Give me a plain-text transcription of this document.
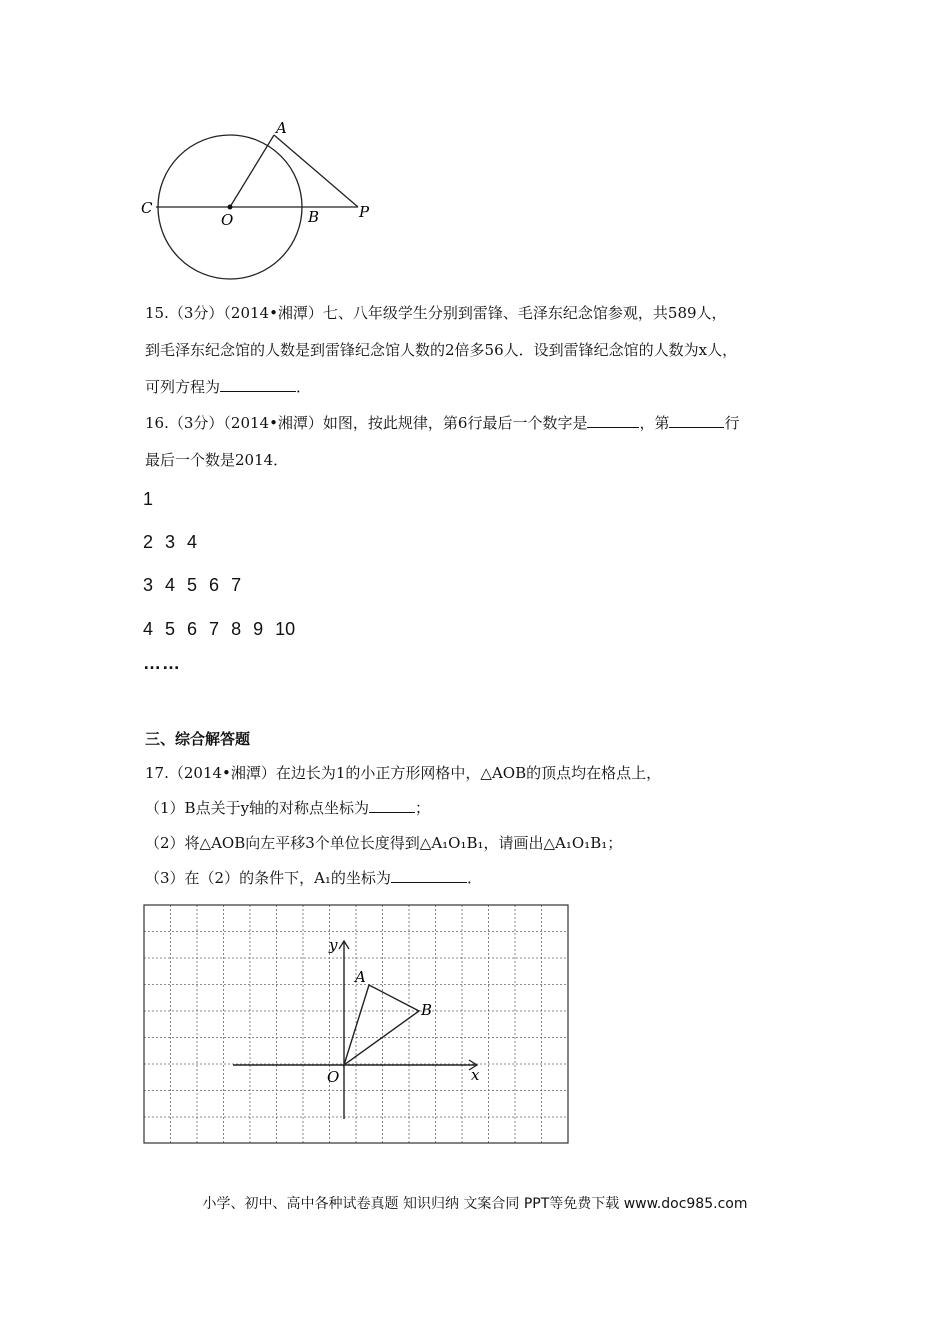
A
C
O	B	P
15.（3分）（2014•湘潭）七、八年级学生分别到雷锋、毛泽东纪念馆参观，共589人，
到毛泽东纪念馆的人数是到雷锋纪念馆人数的2倍多56人．设到雷锋纪念馆的人数为x人，
可列方程为	．
16.（3分）（2014•湘潭）如图，按此规律，第6行最后一个数字是	，第	行
最后一个数是2014．
1
2 3 4
3 4 5 6 7
4 5 6 7 8 9 10
……
三、综合解答题
17.（2014•湘潭）在边长为1的小正方形网格中，△AOB的顶点均在格点上，
（1）B点关于y轴的对称点坐标为	；
（2）将△AOB向左平移3个单位长度得到△A₁O₁B₁，请画出△A₁O₁B₁；
（3）在（2）的条件下，A₁的坐标为	．
y
x
A
B
O
小学、初中、高中各种试卷真题 知识归纳 文案合同 PPT等免费下载 www.doc985.com
